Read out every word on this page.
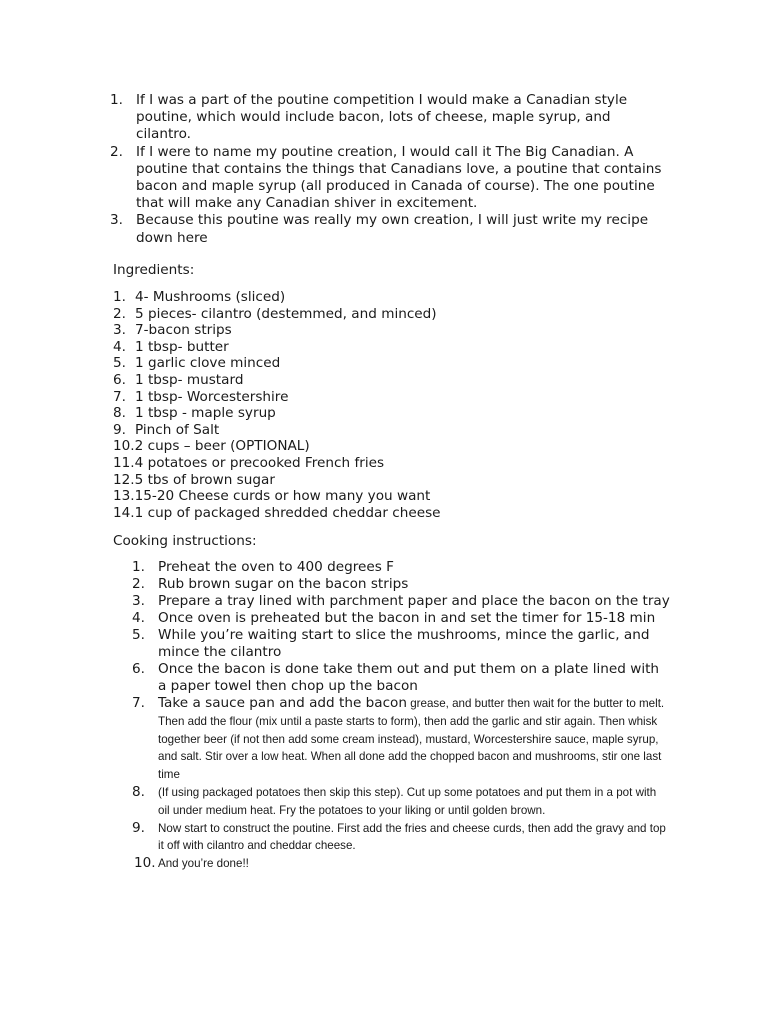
1. If I was a part of the poutine competition I would make a Canadian style poutine, which would include bacon, lots of cheese, maple syrup, and cilantro.
2. If I were to name my poutine creation, I would call it The Big Canadian. A poutine that contains the things that Canadians love, a poutine that contains bacon and maple syrup (all produced in Canada of course). The one poutine that will make any Canadian shiver in excitement.
3. Because this poutine was really my own creation, I will just write my recipe down here

Ingredients:

1. 4- Mushrooms (sliced)
2. 5 pieces- cilantro (destemmed, and minced)
3. 7-bacon strips
4. 1 tbsp- butter
5. 1 garlic clove minced
6. 1 tbsp- mustard
7. 1 tbsp- Worcestershire
8. 1 tbsp - maple syrup
9. Pinch of Salt
10.2 cups – beer (OPTIONAL)
11.4 potatoes or precooked French fries
12.5 tbs of brown sugar
13.15-20 Cheese curds or how many you want
14.1 cup of packaged shredded cheddar cheese

Cooking instructions:

1. Preheat the oven to 400 degrees F
2. Rub brown sugar on the bacon strips
3. Prepare a tray lined with parchment paper and place the bacon on the tray
4. Once oven is preheated but the bacon in and set the timer for 15-18 min
5. While you’re waiting start to slice the mushrooms, mince the garlic, and mince the cilantro
6. Once the bacon is done take them out and put them on a plate lined with a paper towel then chop up the bacon
7. Take a sauce pan and add the bacon grease, and butter then wait for the butter to melt. Then add the flour (mix until a paste starts to form), then add the garlic and stir again. Then whisk together beer (if not then add some cream instead), mustard, Worcestershire sauce, maple syrup, and salt. Stir over a low heat. When all done add the chopped bacon and mushrooms, stir one last time
8. (If using packaged potatoes then skip this step). Cut up some potatoes and put them in a pot with oil under medium heat. Fry the potatoes to your liking or until golden brown.
9. Now start to construct the poutine. First add the fries and cheese curds, then add the gravy and top it off with cilantro and cheddar cheese.
10. And you’re done!!
